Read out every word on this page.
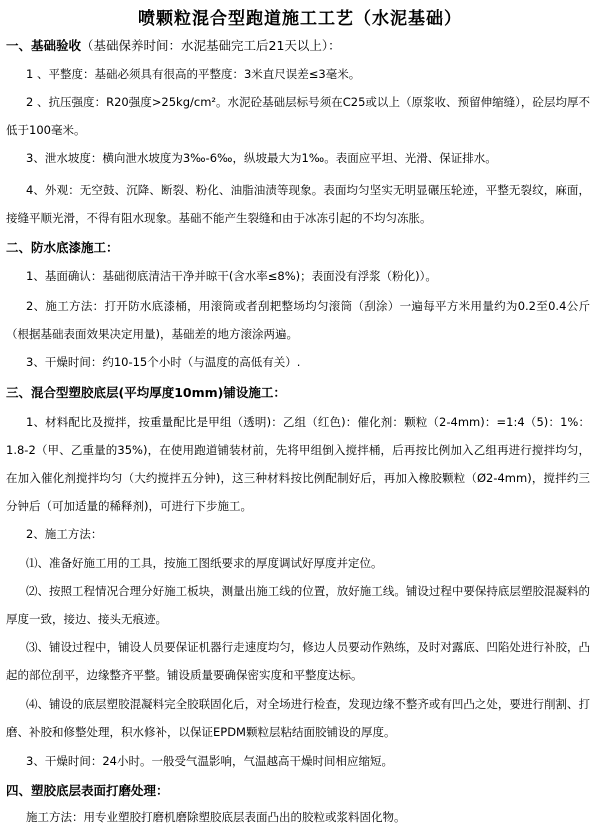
喷颗粒混合型跑道施工工艺（水泥基础）
一、基础验收（基础保养时间：水泥基础完工后21天以上）：
1 、平整度：基础必须具有很高的平整度：3米直尺误差≤3毫米。
2 、抗压强度：R20强度>25kg/cm²。水泥砼基础层标号须在C25或以上（原浆收、预留伸缩缝），砼层均厚不低于100毫米。
3、泄水坡度：横向泄水坡度为3‰-6‰，纵坡最大为1‰。表面应平坦、光滑、保证排水。
4、外观：无空鼓、沉降、断裂、粉化、油脂油渍等现象。表面均匀坚实无明显碾压轮迹，平整无裂纹，麻面，接缝平顺光滑，不得有阻水现象。基础不能产生裂缝和由于冰冻引起的不均匀冻胀。
二、防水底漆施工：
1、基面确认：基础彻底清洁干净并晾干(含水率≤8%)；表面没有浮浆（粉化)）。
2、施工方法：打开防水底漆桶，用滚筒或者刮耙整场均匀滚筒（刮涂）一遍每平方米用量约为0.2至0.4公斤（根据基础表面效果决定用量)，基础差的地方滚涂两遍。
3、干燥时间：约10-15个小时（与温度的高低有关）.
三、混合型塑胶底层(平均厚度10mm)铺设施工：
1、材料配比及搅拌，按重量配比是甲组（透明)：乙组（红色)：催化剂：颗粒（2-4mm)：=1:4（5)：1%：1.8-2（甲、乙重量的35%)，在使用跑道铺装材前，先将甲组倒入搅拌桶，后再按比例加入乙组再进行搅拌均匀，在加入催化剂搅拌均匀（大约搅拌五分钟)，这三种材料按比例配制好后，再加入橡胶颗粒（Ø2-4mm)，搅拌约三分钟后（可加适量的稀释剂)，可进行下步施工。
2、施工方法：
⑴、准备好施工用的工具，按施工图纸要求的厚度调试好厚度并定位。
⑵、按照工程情况合理分好施工板块，测量出施工线的位置，放好施工线。铺设过程中要保持底层塑胶混凝料的厚度一致，接边、接头无痕迹。
⑶、铺设过程中，铺设人员要保证机器行走速度均匀，修边人员要动作熟练，及时对露底、凹陷处进行补胶，凸起的部位刮平，边缘整齐平整。铺设质量要确保密实度和平整度达标。
⑷、铺设的底层塑胶混凝料完全胶联固化后，对全场进行检查，发现边缘不整齐或有凹凸之处，要进行削割、打磨、补胶和修整处理，积水修补，以保证EPDM颗粒层粘结面胶铺设的厚度。
3、干燥时间：24小时。一般受气温影响，气温越高干燥时间相应缩短。
四、塑胶底层表面打磨处理：
施工方法：用专业塑胶打磨机磨除塑胶底层表面凸出的胶粒或浆料固化物。
